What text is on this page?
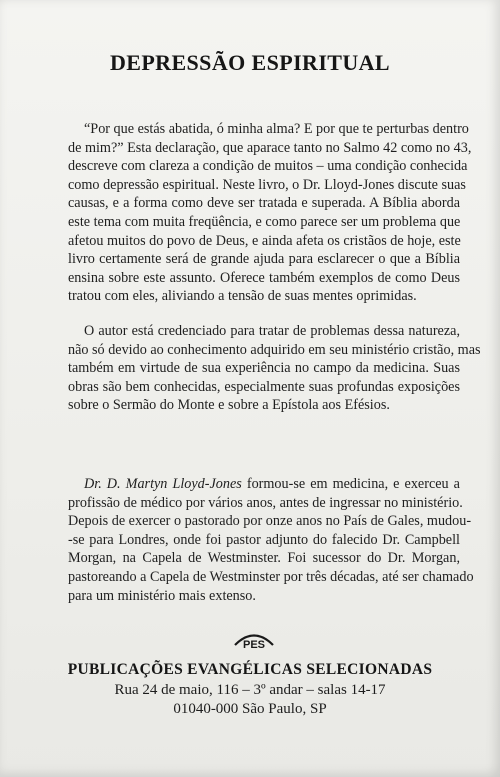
DEPRESSÃO ESPIRITUAL
“Por que estás abatida, ó minha alma? E por que te perturbas dentro
de mim?” Esta declaração, que aparace tanto no Salmo 42 como no 43,
descreve com clareza a condição de muitos – uma condição conhecida
como depressão espiritual. Neste livro, o Dr. Lloyd-Jones discute suas
causas, e a forma como deve ser tratada e superada. A Bíblia aborda
este tema com muita freqüência, e como parece ser um problema que
afetou muitos do povo de Deus, e ainda afeta os cristãos de hoje, este
livro certamente será de grande ajuda para esclarecer o que a Bíblia
ensina sobre este assunto. Oferece também exemplos de como Deus
tratou com eles, aliviando a tensão de suas mentes oprimidas.
O autor está credenciado para tratar de problemas dessa natureza,
não só devido ao conhecimento adquirido em seu ministério cristão, mas
também em virtude de sua experiência no campo da medicina. Suas
obras são bem conhecidas, especialmente suas profundas exposições
sobre o Sermão do Monte e sobre a Epístola aos Efésios.
Dr. D. Martyn Lloyd-Jones formou-se em medicina, e exerceu a
profissão de médico por vários anos, antes de ingressar no ministério.
Depois de exercer o pastorado por onze anos no País de Gales, mudou-
-se para Londres, onde foi pastor adjunto do falecido Dr. Campbell
Morgan, na Capela de Westminster. Foi sucessor do Dr. Morgan,
pastoreando a Capela de Westminster por três décadas, até ser chamado
para um ministério mais extenso.
PES
PUBLICAÇÕES EVANGÉLICAS SELECIONADAS
Rua 24 de maio, 116 – 3º andar – salas 14-17
01040-000 São Paulo, SP
